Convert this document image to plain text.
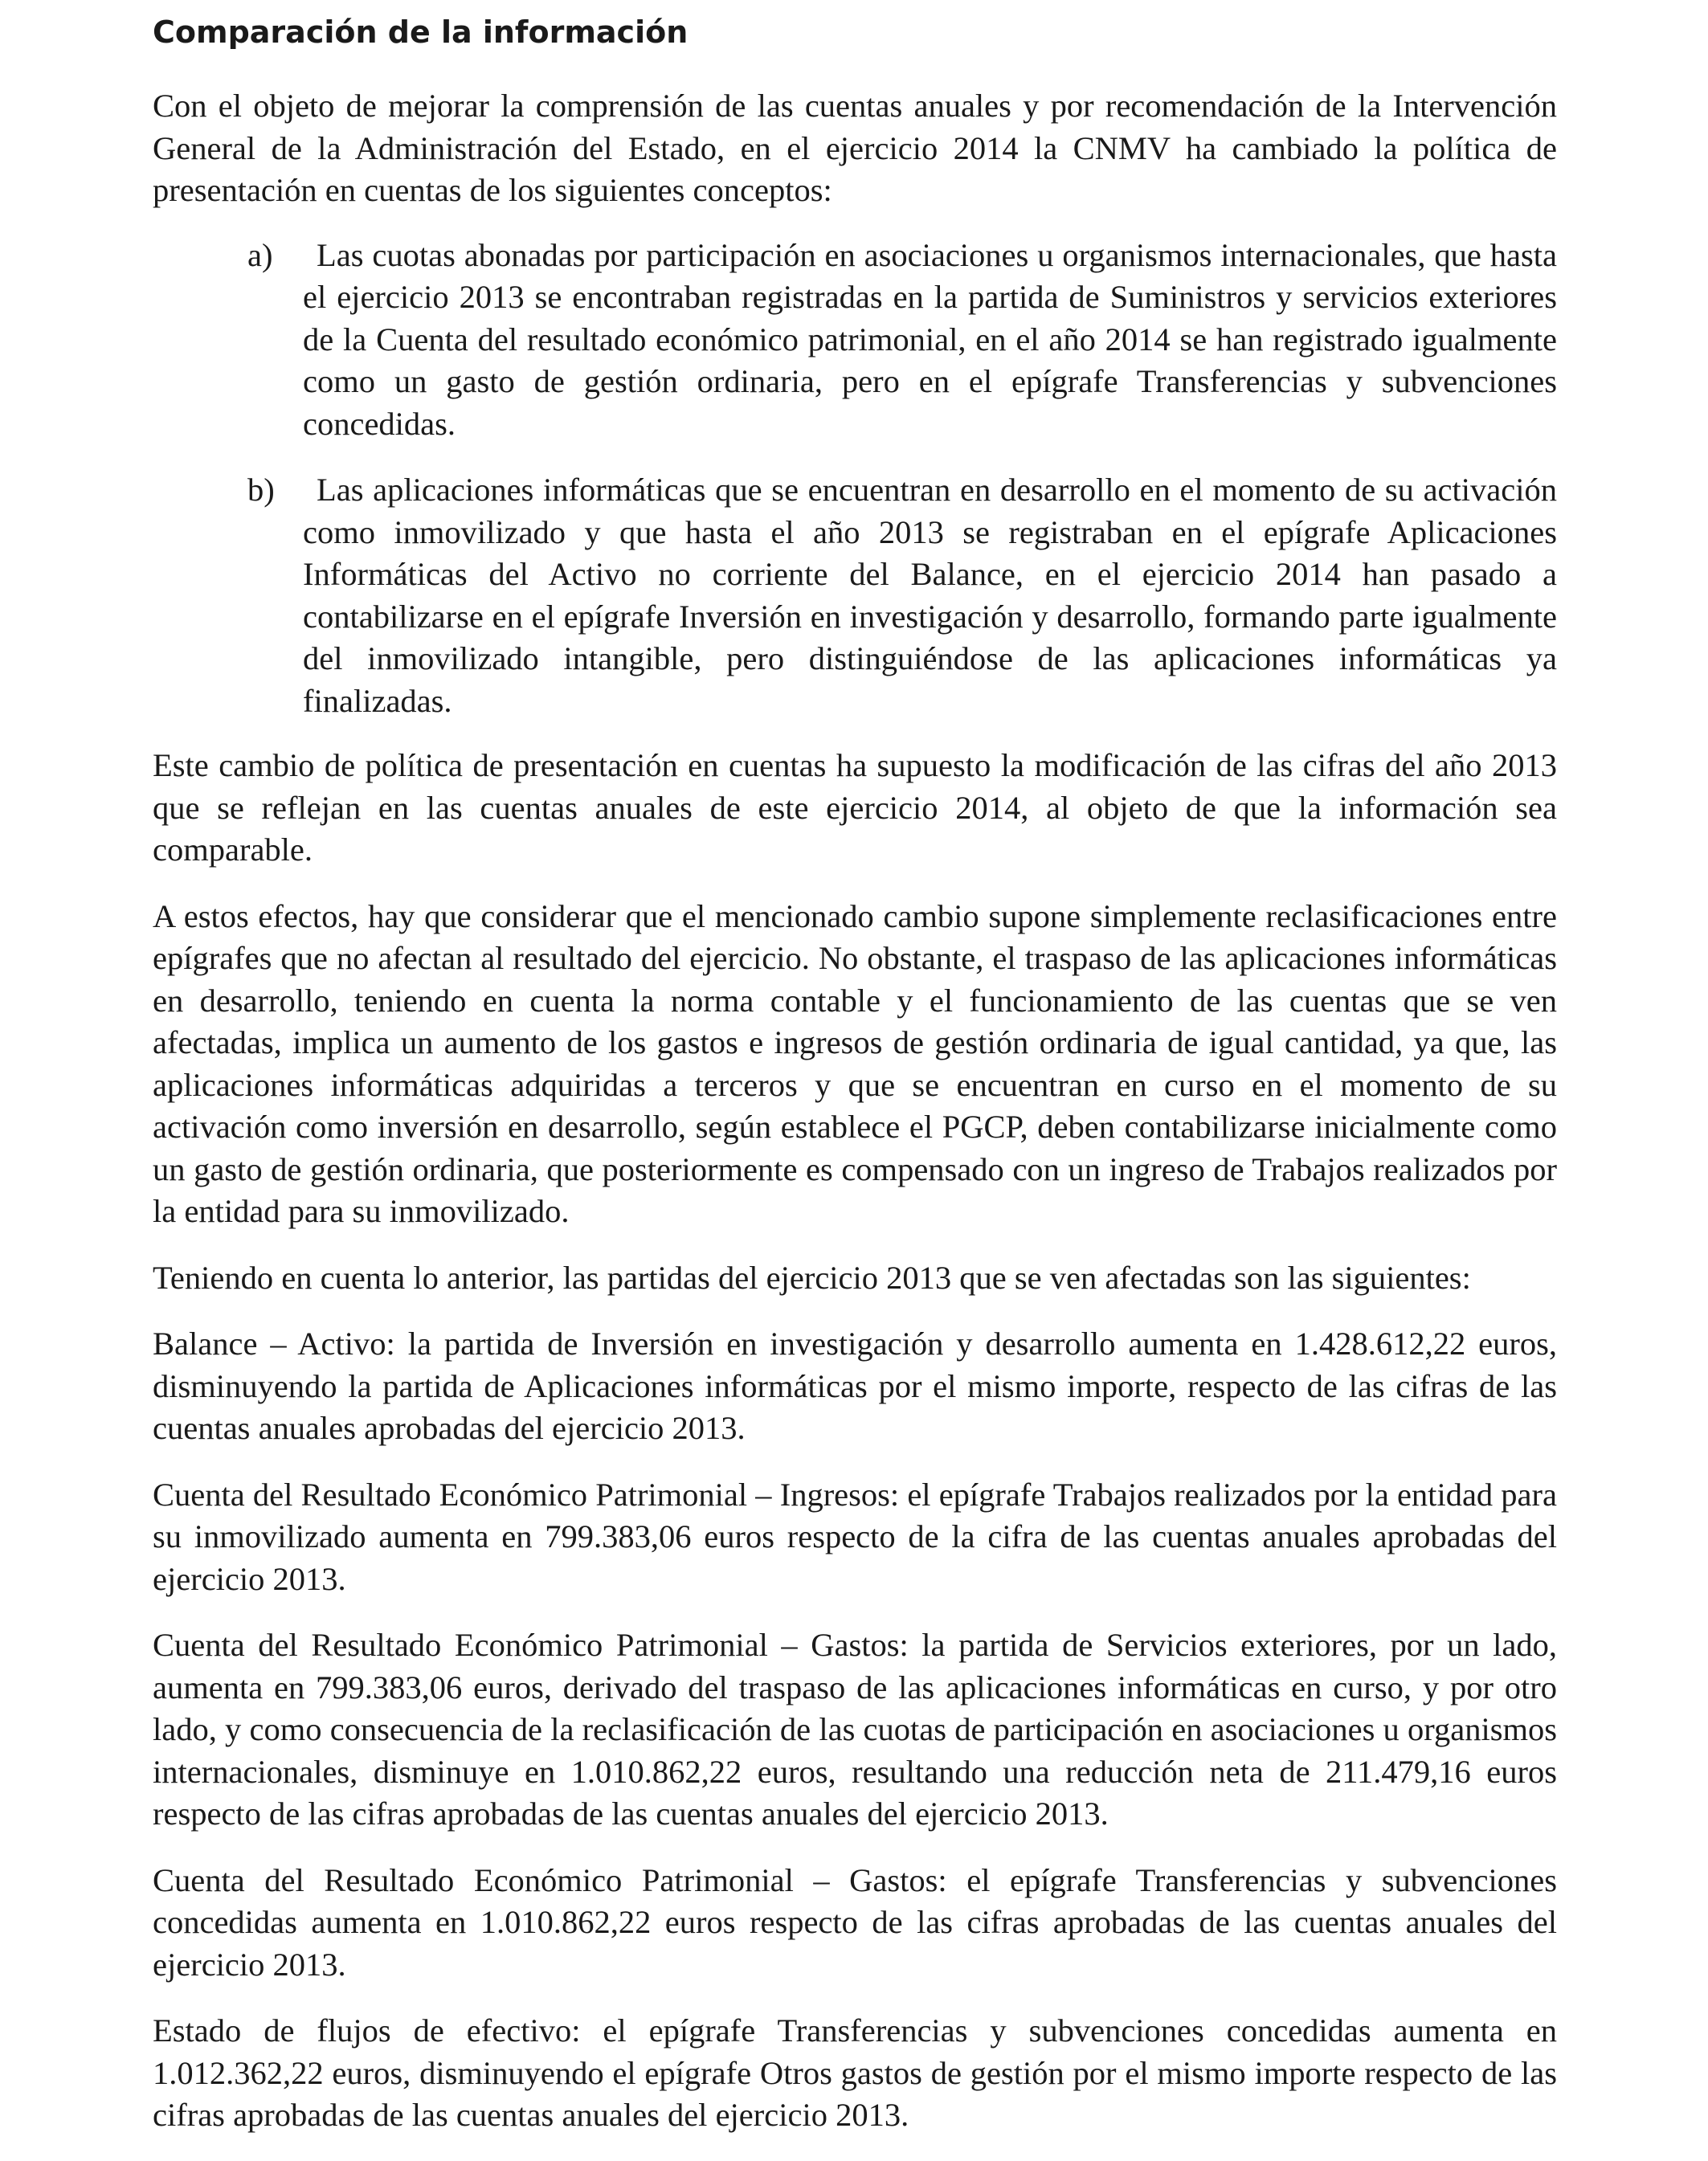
Comparación de la información

Con el objeto de mejorar la comprensión de las cuentas anuales y por recomendación de la Intervención General de la Administración del Estado, en el ejercicio 2014 la CNMV ha cambiado la política de presentación en cuentas de los siguientes conceptos:

a)	Las cuotas abonadas por participación en asociaciones u organismos internacionales, que hasta el ejercicio 2013 se encontraban registradas en la partida de Suministros y servicios exteriores de la Cuenta del resultado económico patrimonial, en el año 2014 se han registrado igualmente como un gasto de gestión ordinaria, pero en el epígrafe Transferencias y subvenciones concedidas.
b)	Las aplicaciones informáticas que se encuentran en desarrollo en el momento de su activación como inmovilizado y que hasta el año 2013 se registraban en el epígrafe Aplicaciones Informáticas del Activo no corriente del Balance, en el ejercicio 2014 han pasado a contabilizarse en el epígrafe Inversión en investigación y desarrollo, formando parte igualmente del inmovilizado intangible, pero distinguiéndose de las aplicaciones informáticas ya finalizadas.

Este cambio de política de presentación en cuentas ha supuesto la modificación de las cifras del año 2013 que se reflejan en las cuentas anuales de este ejercicio 2014, al objeto de que la información sea comparable.

A estos efectos, hay que considerar que el mencionado cambio supone simplemente reclasificaciones entre epígrafes que no afectan al resultado del ejercicio. No obstante, el traspaso de las aplicaciones informáticas en desarrollo, teniendo en cuenta la norma contable y el funcionamiento de las cuentas que se ven afectadas, implica un aumento de los gastos e ingresos de gestión ordinaria de igual cantidad, ya que, las aplicaciones informáticas adquiridas a terceros y que se encuentran en curso en el momento de su activación como inversión en desarrollo, según establece el PGCP, deben contabilizarse inicialmente como un gasto de gestión ordinaria, que posteriormente es compensado con un ingreso de Trabajos realizados por la entidad para su inmovilizado.

Teniendo en cuenta lo anterior, las partidas del ejercicio 2013 que se ven afectadas son las siguientes:

Balance – Activo: la partida de Inversión en investigación y desarrollo aumenta en 1.428.612,22 euros, disminuyendo la partida de Aplicaciones informáticas por el mismo importe, respecto de las cifras de las cuentas anuales aprobadas del ejercicio 2013.

Cuenta del Resultado Económico Patrimonial – Ingresos: el epígrafe Trabajos realizados por la entidad para su inmovilizado aumenta en 799.383,06 euros respecto de la cifra de las cuentas anuales aprobadas del ejercicio 2013.

Cuenta del Resultado Económico Patrimonial – Gastos: la partida de Servicios exteriores, por un lado, aumenta en 799.383,06 euros, derivado del traspaso de las aplicaciones informáticas en curso, y por otro lado, y como consecuencia de la reclasificación de las cuotas de participación en asociaciones u organismos internacionales, disminuye en 1.010.862,22 euros, resultando una reducción neta de 211.479,16 euros respecto de las cifras aprobadas de las cuentas anuales del ejercicio 2013.

Cuenta del Resultado Económico Patrimonial – Gastos: el epígrafe Transferencias y subvenciones concedidas aumenta en 1.010.862,22 euros respecto de las cifras aprobadas de las cuentas anuales del ejercicio 2013.

Estado de flujos de efectivo: el epígrafe Transferencias y subvenciones concedidas aumenta en 1.012.362,22 euros, disminuyendo el epígrafe Otros gastos de gestión por el mismo importe respecto de las cifras aprobadas de las cuentas anuales del ejercicio 2013.
